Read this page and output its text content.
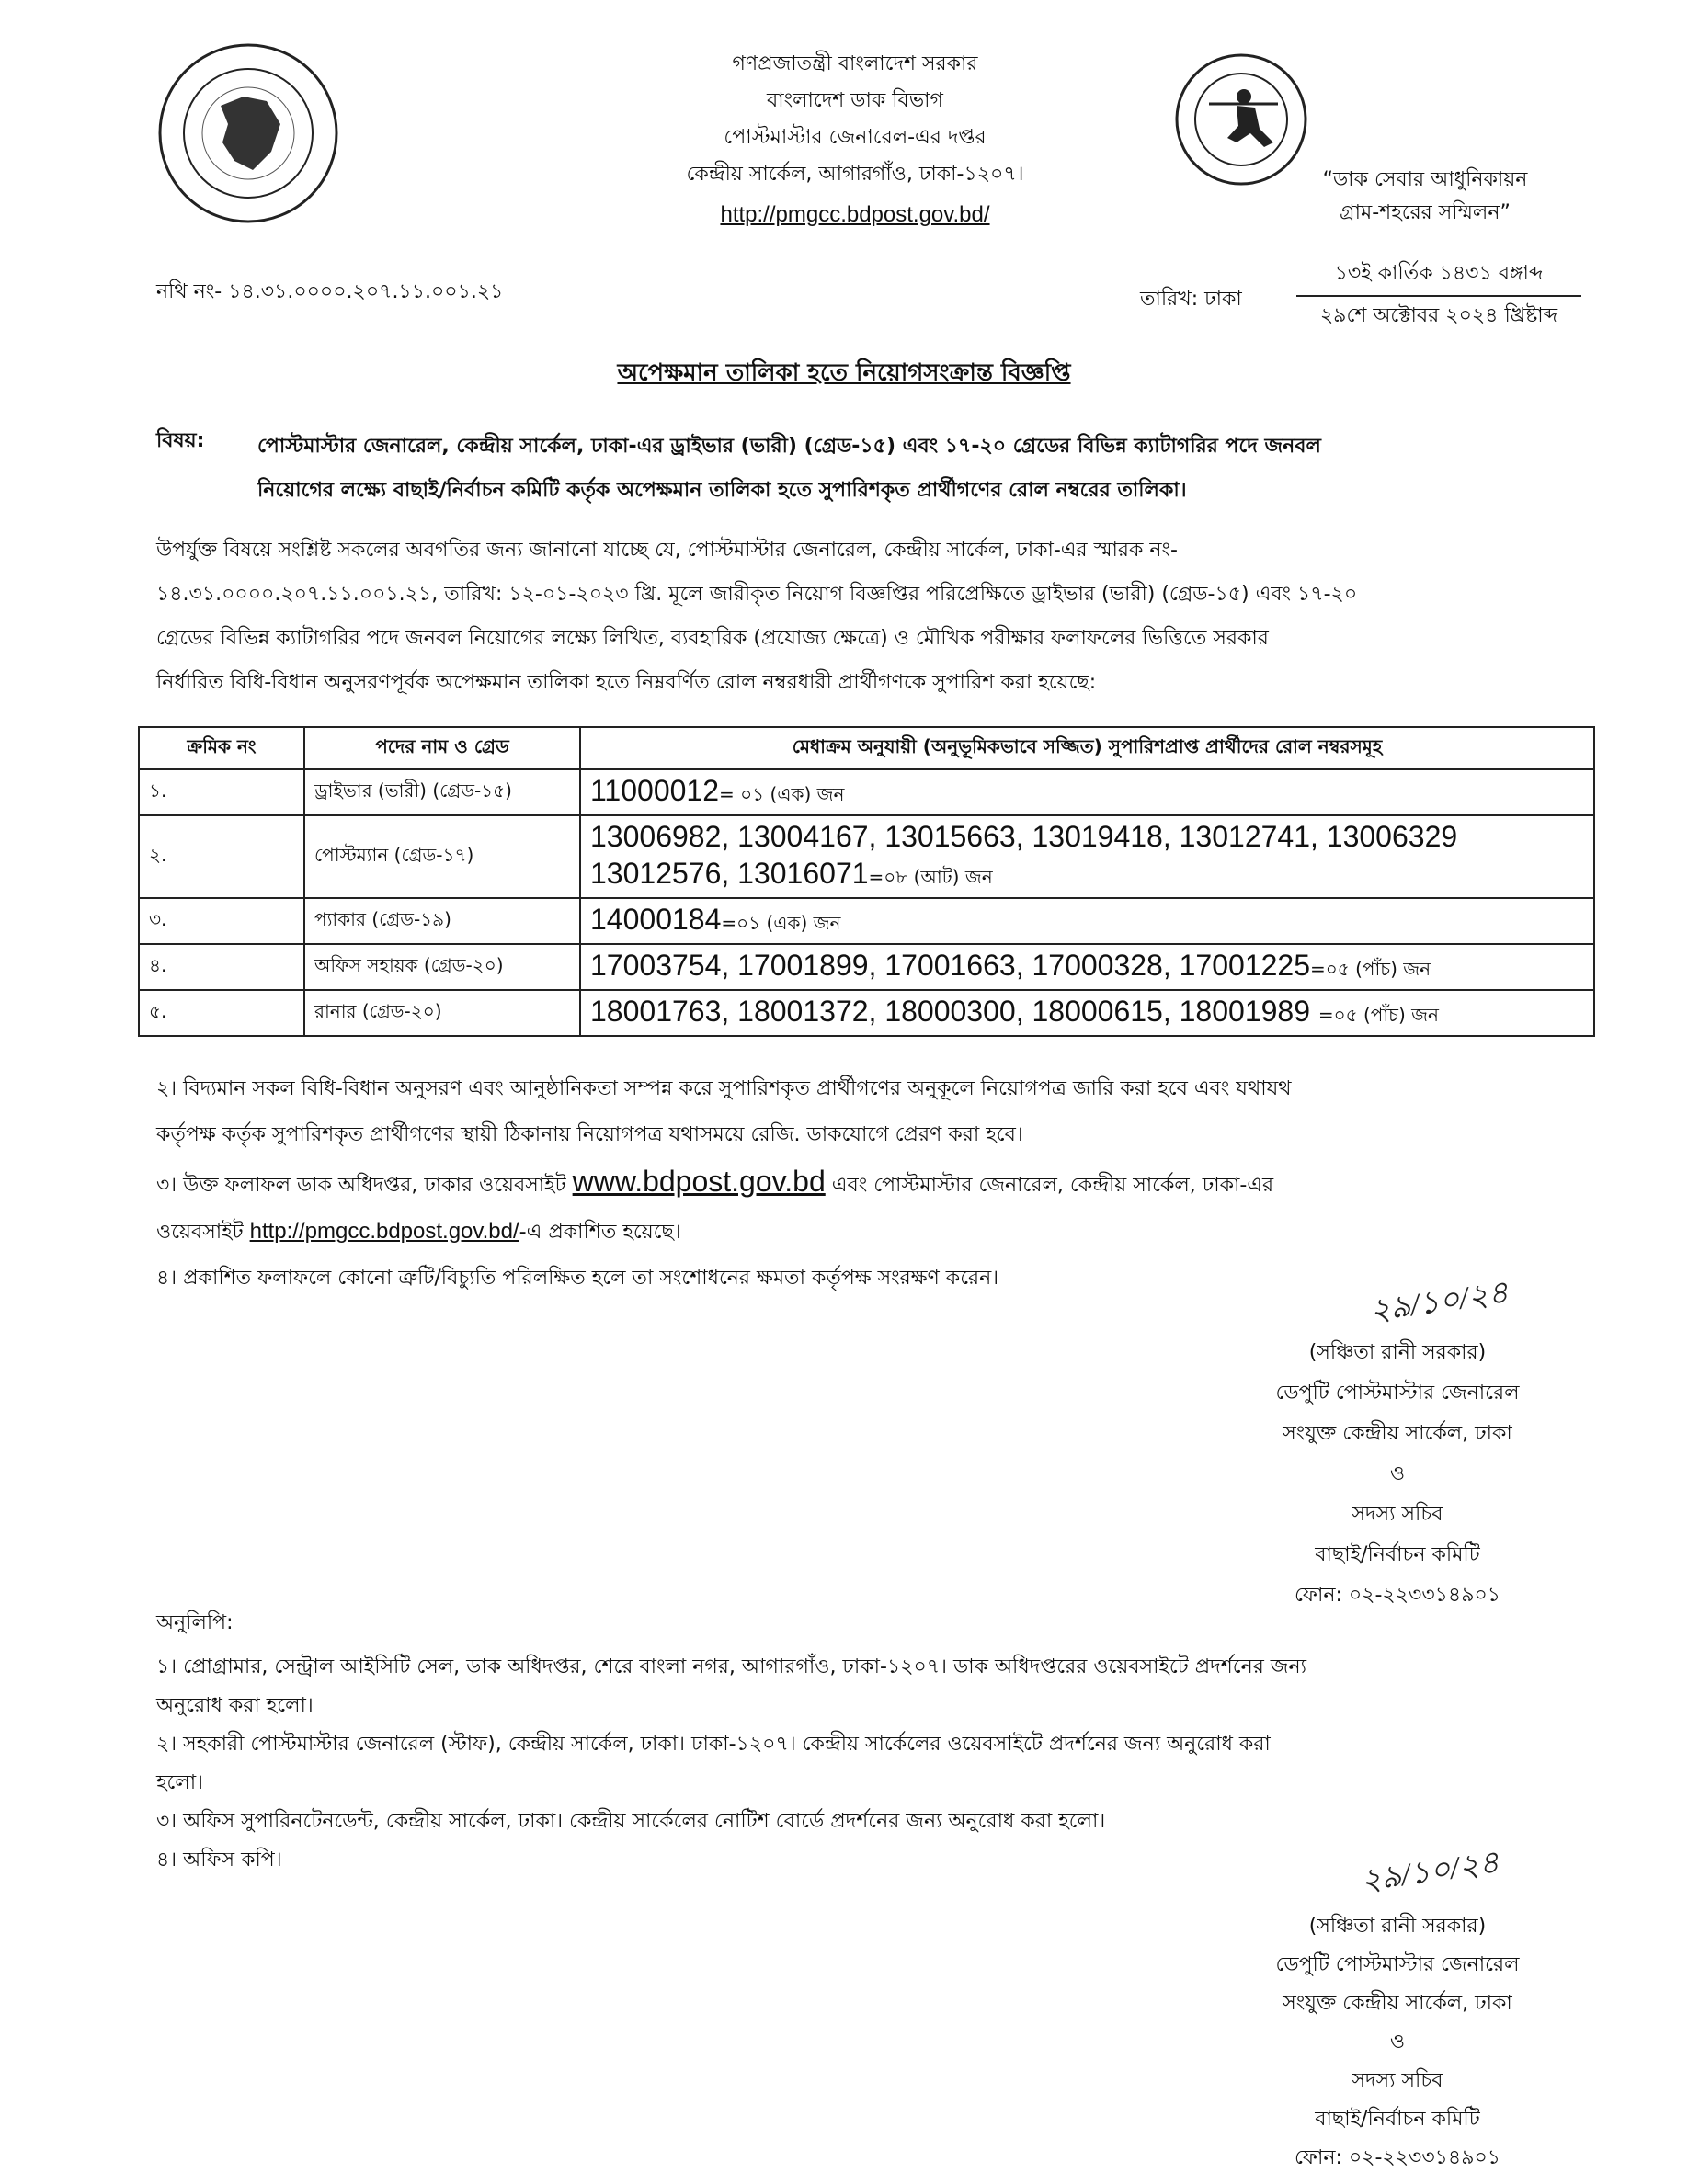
গণপ্রজাতন্ত্রী বাংলাদেশ সরকার
বাংলাদেশ ডাক বিভাগ
পোস্টমাস্টার জেনারেল-এর দপ্তর
কেন্দ্রীয় সার্কেল, আগারগাঁও, ঢাকা-১২০৭।
http://pmgcc.bdpost.gov.bd/
“ডাক সেবার আধুনিকায়ন
গ্রাম-শহরের সম্মিলন”
নথি নং- ১৪.৩১.০০০০.২০৭.১১.০০১.২১	তারিখ: ঢাকা
১৩ই কার্তিক ১৪৩১ বঙ্গাব্দ
২৯শে অক্টোবর ২০২৪ খ্রিষ্টাব্দ
অপেক্ষমান তালিকা হতে নিয়োগসংক্রান্ত বিজ্ঞপ্তি
বিষয়:	পোস্টমাস্টার জেনারেল, কেন্দ্রীয় সার্কেল, ঢাকা-এর ড্রাইভার (ভারী) (গ্রেড-১৫) এবং ১৭-২০ গ্রেডের বিভিন্ন ক্যাটাগরির পদে জনবল
নিয়োগের লক্ষ্যে বাছাই/নির্বাচন কমিটি কর্তৃক অপেক্ষমান তালিকা হতে সুপারিশকৃত প্রার্থীগণের রোল নম্বরের তালিকা।
উপর্যুক্ত বিষয়ে সংশ্লিষ্ট সকলের অবগতির জন্য জানানো যাচ্ছে যে, পোস্টমাস্টার জেনারেল, কেন্দ্রীয় সার্কেল, ঢাকা-এর স্মারক নং-
১৪.৩১.০০০০.২০৭.১১.০০১.২১, তারিখ: ১২-০১-২০২৩ খ্রি. মূলে জারীকৃত নিয়োগ বিজ্ঞপ্তির পরিপ্রেক্ষিতে ড্রাইভার (ভারী) (গ্রেড-১৫) এবং ১৭-২০
গ্রেডের বিভিন্ন ক্যাটাগরির পদে জনবল নিয়োগের লক্ষ্যে লিখিত, ব্যবহারিক (প্রযোজ্য ক্ষেত্রে) ও মৌখিক পরীক্ষার ফলাফলের ভিত্তিতে সরকার
নির্ধারিত বিধি-বিধান অনুসরণপূর্বক অপেক্ষমান তালিকা হতে নিম্নবর্ণিত রোল নম্বরধারী প্রার্থীগণকে সুপারিশ করা হয়েছে:
ক্রমিক নং	পদের নাম ও গ্রেড	মেধাক্রম অনুযায়ী (অনুভূমিকভাবে সজ্জিত) সুপারিশপ্রাপ্ত প্রার্থীদের রোল নম্বরসমূহ
১.	ড্রাইভার (ভারী) (গ্রেড-১৫)	11000012= ০১ (এক) জন
২.	পোস্টম্যান (গ্রেড-১৭)	13006982, 13004167, 13015663, 13019418, 13012741, 13006329
13012576, 13016071=০৮ (আট) জন
৩.	প্যাকার (গ্রেড-১৯)	14000184=০১ (এক) জন
৪.	অফিস সহায়ক (গ্রেড-২০)	17003754, 17001899, 17001663, 17000328, 17001225=০৫ (পাঁচ) জন
৫.	রানার (গ্রেড-২০)	18001763, 18001372, 18000300, 18000615, 18001989 =০৫ (পাঁচ) জন
২। বিদ্যমান সকল বিধি-বিধান অনুসরণ এবং আনুষ্ঠানিকতা সম্পন্ন করে সুপারিশকৃত প্রার্থীগণের অনুকূলে নিয়োগপত্র জারি করা হবে এবং যথাযথ
কর্তৃপক্ষ কর্তৃক সুপারিশকৃত প্রার্থীগণের স্থায়ী ঠিকানায় নিয়োগপত্র যথাসময়ে রেজি. ডাকযোগে প্রেরণ করা হবে।
৩। উক্ত ফলাফল ডাক অধিদপ্তর, ঢাকার ওয়েবসাইট www.bdpost.gov.bd এবং পোস্টমাস্টার জেনারেল, কেন্দ্রীয় সার্কেল, ঢাকা-এর
ওয়েবসাইট http://pmgcc.bdpost.gov.bd/-এ প্রকাশিত হয়েছে।
৪। প্রকাশিত ফলাফলে কোনো ত্রুটি/বিচ্যুতি পরিলক্ষিত হলে তা সংশোধনের ক্ষমতা কর্তৃপক্ষ সংরক্ষণ করেন।	২৯/১০/২৪
(সঞ্চিতা রানী সরকার)
ডেপুটি পোস্টমাস্টার জেনারেল
সংযুক্ত কেন্দ্রীয় সার্কেল, ঢাকা
ও
সদস্য সচিব
বাছাই/নির্বাচন কমিটি
ফোন: ০২-২২৩৩১৪৯০১
অনুলিপি:
১। প্রোগ্রামার, সেন্ট্রাল আইসিটি সেল, ডাক অধিদপ্তর, শেরে বাংলা নগর, আগারগাঁও, ঢাকা-১২০৭। ডাক অধিদপ্তরের ওয়েবসাইটে প্রদর্শনের জন্য
অনুরোধ করা হলো।
২। সহকারী পোস্টমাস্টার জেনারেল (স্টাফ), কেন্দ্রীয় সার্কেল, ঢাকা। ঢাকা-১২০৭। কেন্দ্রীয় সার্কেলের ওয়েবসাইটে প্রদর্শনের জন্য অনুরোধ করা
হলো।
৩। অফিস সুপারিনটেনডেন্ট, কেন্দ্রীয় সার্কেল, ঢাকা। কেন্দ্রীয় সার্কেলের নোটিশ বোর্ডে প্রদর্শনের জন্য অনুরোধ করা হলো।
৪। অফিস কপি।	২৯/১০/২৪
(সঞ্চিতা রানী সরকার)
ডেপুটি পোস্টমাস্টার জেনারেল
সংযুক্ত কেন্দ্রীয় সার্কেল, ঢাকা
ও
সদস্য সচিব
বাছাই/নির্বাচন কমিটি
ফোন: ০২-২২৩৩১৪৯০১
